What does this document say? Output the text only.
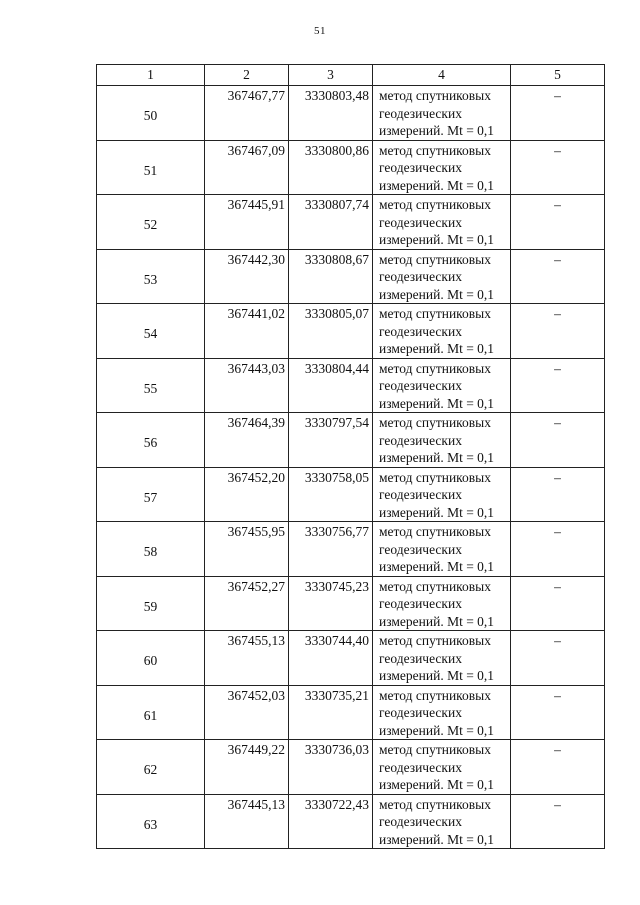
51
1	2	3	4	5
50	367467,77	3330803,48	метод спутниковых
геодезических
измерений. Mt = 0,1	–
51	367467,09	3330800,86	метод спутниковых
геодезических
измерений. Mt = 0,1	–
52	367445,91	3330807,74	метод спутниковых
геодезических
измерений. Mt = 0,1	–
53	367442,30	3330808,67	метод спутниковых
геодезических
измерений. Mt = 0,1	–
54	367441,02	3330805,07	метод спутниковых
геодезических
измерений. Mt = 0,1	–
55	367443,03	3330804,44	метод спутниковых
геодезических
измерений. Mt = 0,1	–
56	367464,39	3330797,54	метод спутниковых
геодезических
измерений. Mt = 0,1	–
57	367452,20	3330758,05	метод спутниковых
геодезических
измерений. Mt = 0,1	–
58	367455,95	3330756,77	метод спутниковых
геодезических
измерений. Mt = 0,1	–
59	367452,27	3330745,23	метод спутниковых
геодезических
измерений. Mt = 0,1	–
60	367455,13	3330744,40	метод спутниковых
геодезических
измерений. Mt = 0,1	–
61	367452,03	3330735,21	метод спутниковых
геодезических
измерений. Mt = 0,1	–
62	367449,22	3330736,03	метод спутниковых
геодезических
измерений. Mt = 0,1	–
63	367445,13	3330722,43	метод спутниковых
геодезических
измерений. Mt = 0,1	–
